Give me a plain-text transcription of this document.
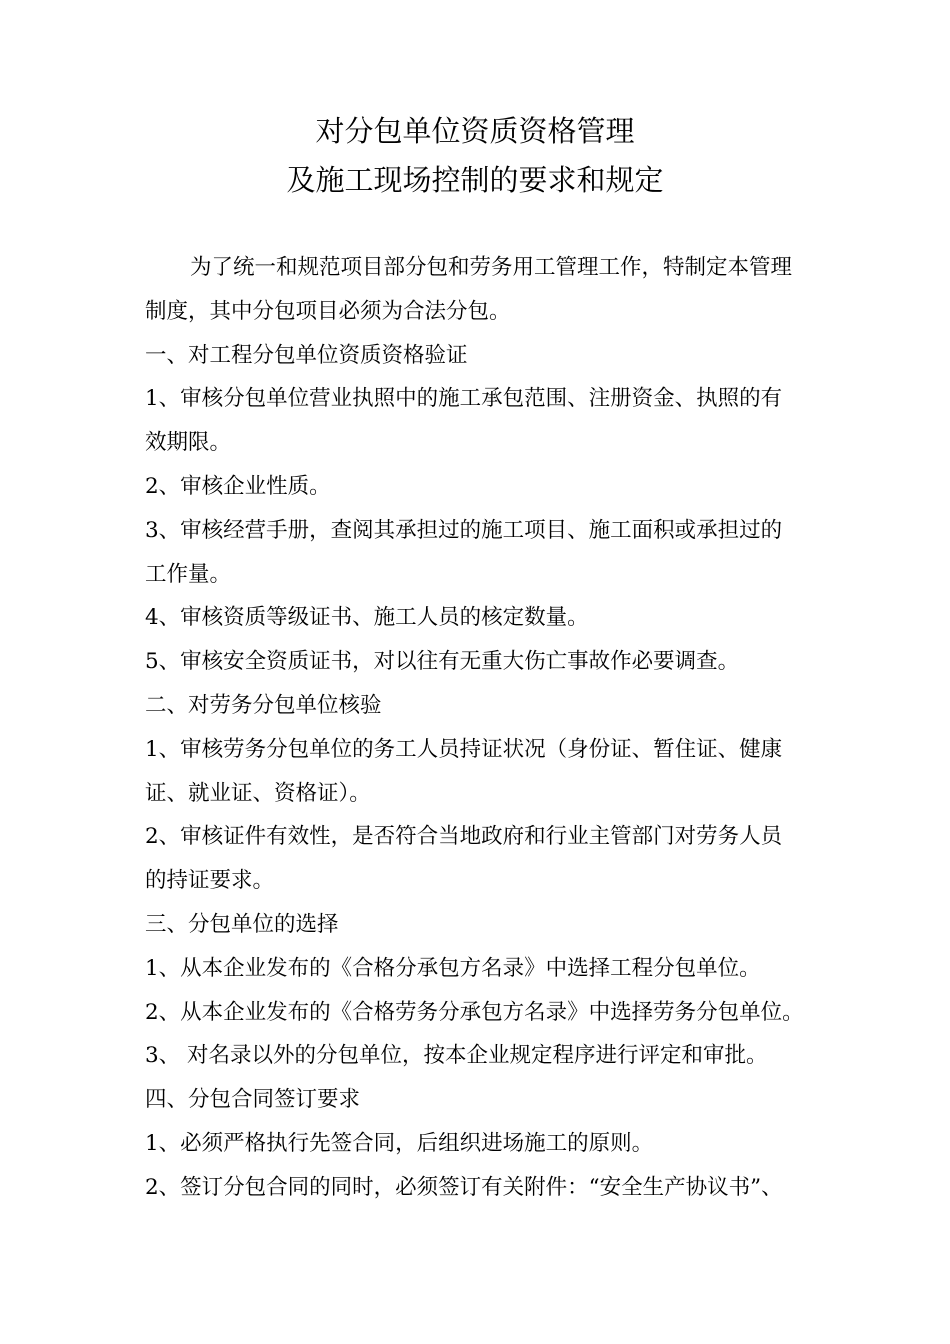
对分包单位资质资格管理
及施工现场控制的要求和规定
为了统一和规范项目部分包和劳务用工管理工作，特制定本管理
制度，其中分包项目必须为合法分包。
一、对工程分包单位资质资格验证
1、审核分包单位营业执照中的施工承包范围、注册资金、执照的有
效期限。
2、审核企业性质。
3、审核经营手册，查阅其承担过的施工项目、施工面积或承担过的
工作量。
4、审核资质等级证书、施工人员的核定数量。
5、审核安全资质证书，对以往有无重大伤亡事故作必要调查。
二、对劳务分包单位核验
1、审核劳务分包单位的务工人员持证状况（身份证、暂住证、健康
证、就业证、资格证）。
2、审核证件有效性，是否符合当地政府和行业主管部门对劳务人员
的持证要求。
三、分包单位的选择
1、从本企业发布的《合格分承包方名录》中选择工程分包单位。
2、从本企业发布的《合格劳务分承包方名录》中选择劳务分包单位。
3、 对名录以外的分包单位，按本企业规定程序进行评定和审批。
四、分包合同签订要求
1、必须严格执行先签合同，后组织进场施工的原则。
2、签订分包合同的同时，必须签订有关附件：“安全生产协议书”、
